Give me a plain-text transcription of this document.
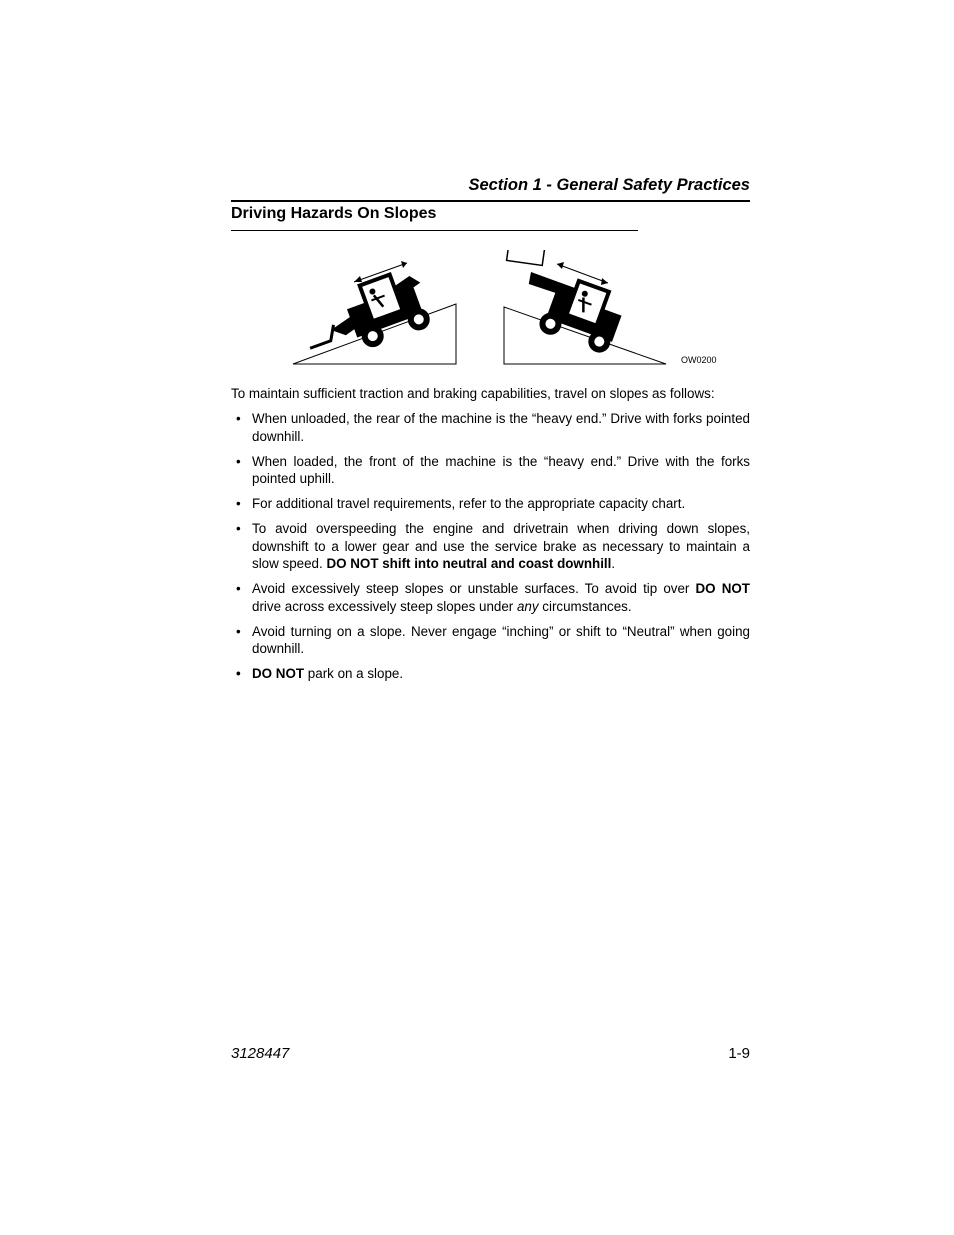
Section 1 - General Safety Practices
Driving Hazards On Slopes
OW0200
To maintain sufficient traction and braking capabilities, travel on slopes as follows:
• When unloaded, the rear of the machine is the “heavy end.” Drive with forks pointed downhill.
• When loaded, the front of the machine is the “heavy end.” Drive with the forks pointed uphill.
• For additional travel requirements, refer to the appropriate capacity chart.
• To avoid overspeeding the engine and drivetrain when driving down slopes, downshift to a lower gear and use the service brake as necessary to maintain a slow speed. DO NOT shift into neutral and coast downhill.
• Avoid excessively steep slopes or unstable surfaces. To avoid tip over DO NOT drive across excessively steep slopes under any circumstances.
• Avoid turning on a slope. Never engage “inching” or shift to “Neutral” when going downhill.
• DO NOT park on a slope.
3128447	1-9
